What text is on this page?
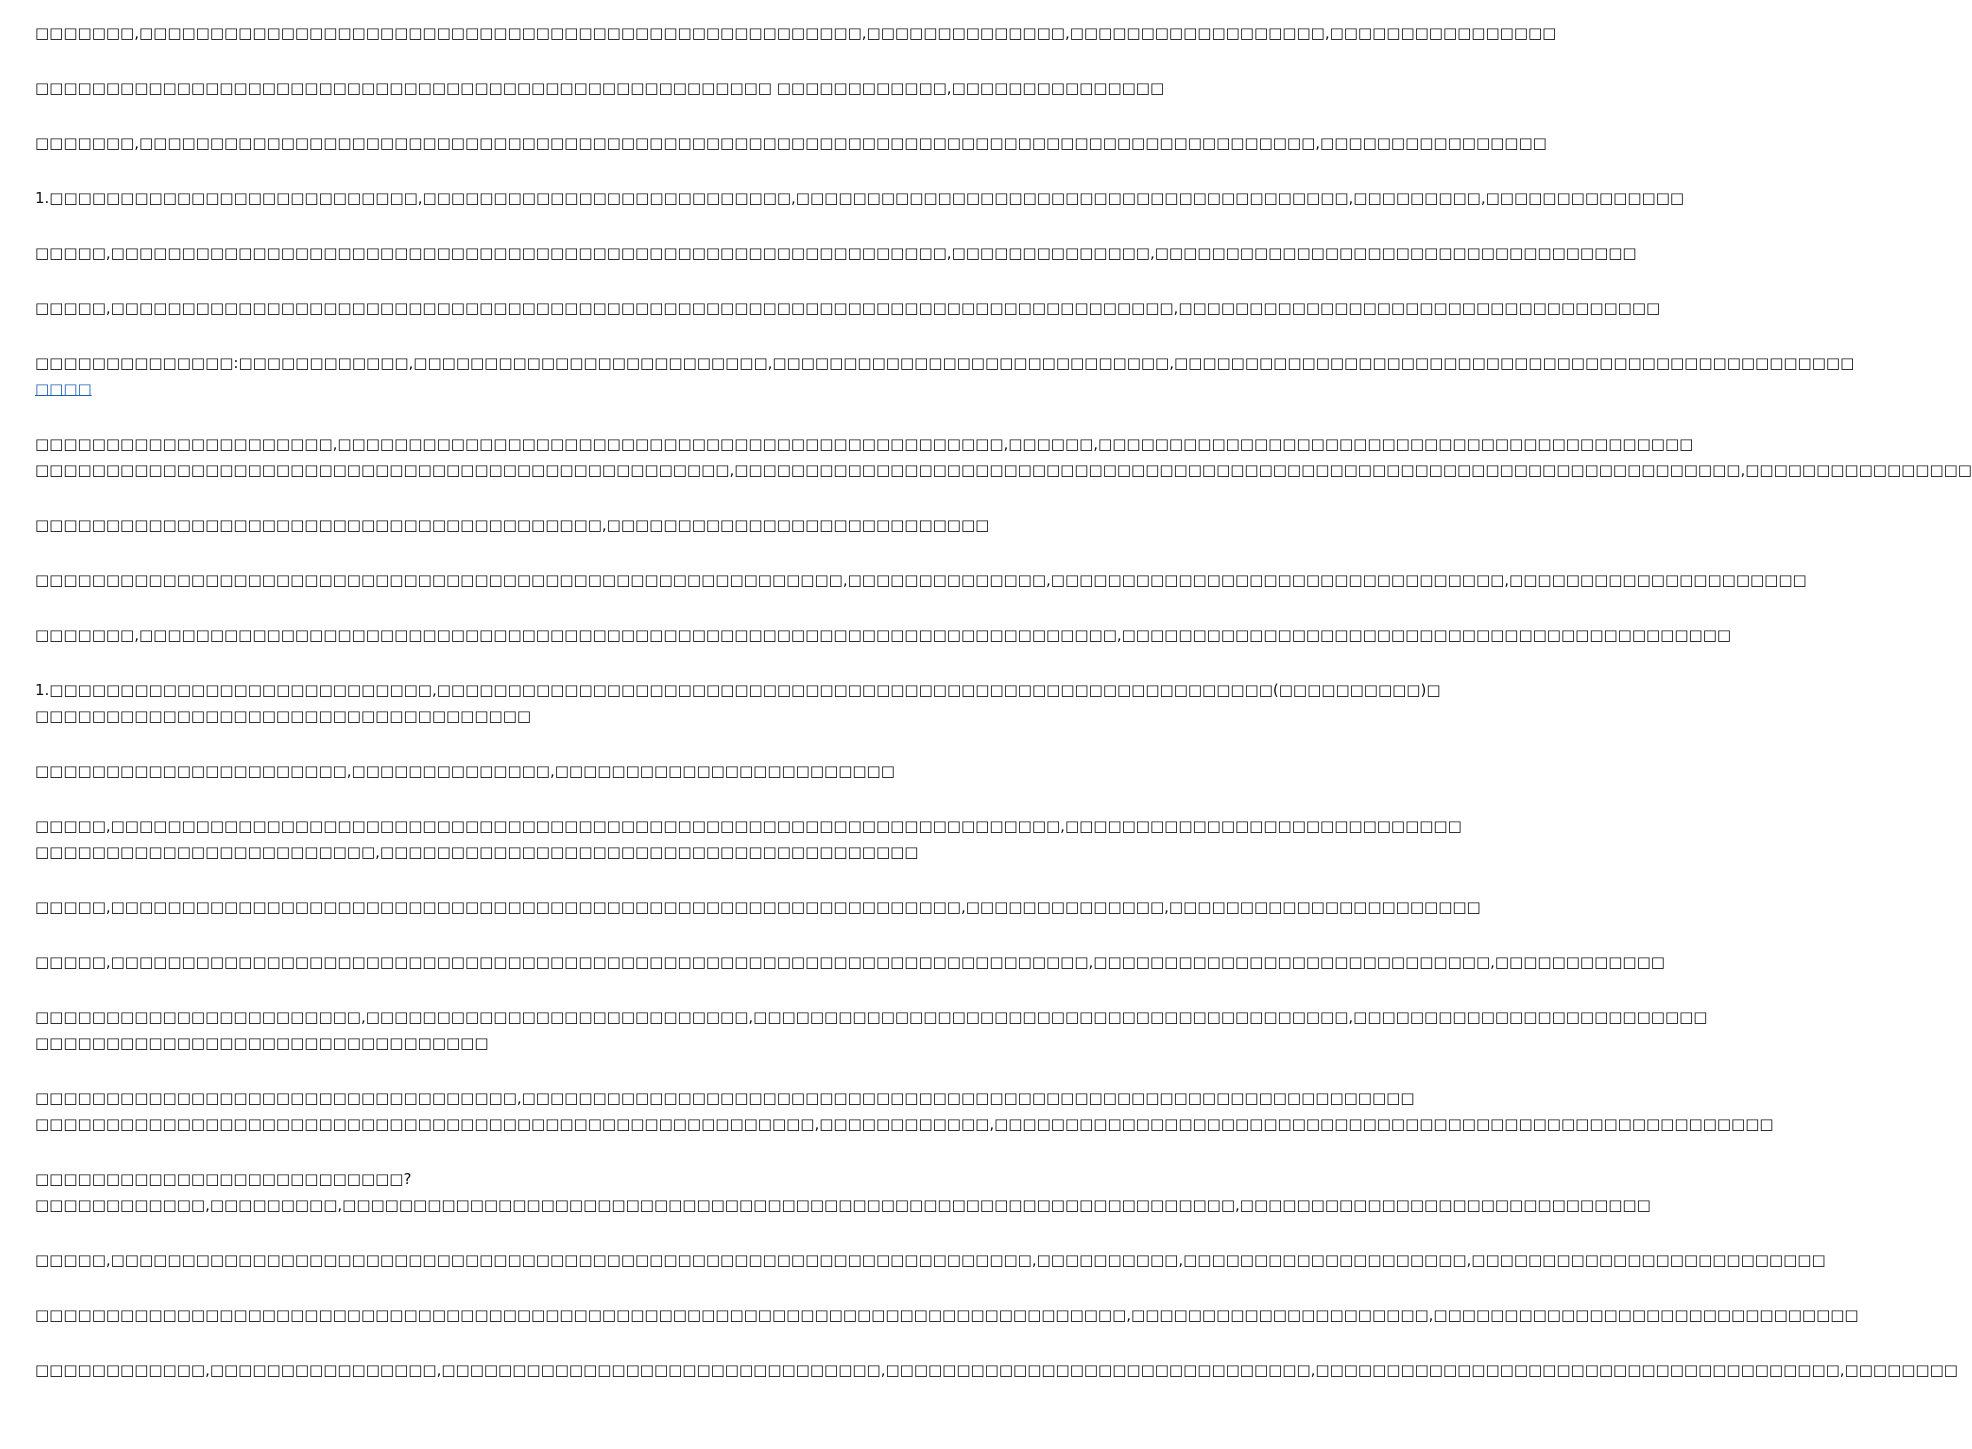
□□□□□□□,□□□□□□□□□□□□□□□□□□□□□□□□□□□□□□□□□□□□□□□□□□□□□□□□□□□,□□□□□□□□□□□□□□,□□□□□□□□□□□□□□□□□□,□□□□□□□□□□□□□□□□
□□□□□□□□□□□□□□□□□□□□□□□□□□□□□□□□□□□□□□□□□□□□□□□□□□□□ □□□□□□□□□□□□,□□□□□□□□□□□□□□□
□□□□□□□,□□□□□□□□□□□□□□□□□□□□□□□□□□□□□□□□□□□□□□□□□□□□□□□□□□□□□□□□□□□□□□□□□□□□□□□□□□□□□□□□□□□,□□□□□□□□□□□□□□□□
1.□□□□□□□□□□□□□□□□□□□□□□□□□□,□□□□□□□□□□□□□□□□□□□□□□□□□□,□□□□□□□□□□□□□□□□□□□□□□□□□□□□□□□□□□□□□□□,□□□□□□□□□,□□□□□□□□□□□□□□
□□□□□,□□□□□□□□□□□□□□□□□□□□□□□□□□□□□□□□□□□□□□□□□□□□□□□□□□□□□□□□□□□,□□□□□□□□□□□□□□,□□□□□□□□□□□□□□□□□□□□□□□□□□□□□□□□□□
□□□□□,□□□□□□□□□□□□□□□□□□□□□□□□□□□□□□□□□□□□□□□□□□□□□□□□□□□□□□□□□□□□□□□□□□□□□□□□□□□,□□□□□□□□□□□□□□□□□□□□□□□□□□□□□□□□□□
□□□□□□□□□□□□□□:□□□□□□□□□□□□,□□□□□□□□□□□□□□□□□□□□□□□□□,□□□□□□□□□□□□□□□□□□□□□□□□□□□□,□□□□□□□□□□□□□□□□□□□□□□□□□□□□□□□□□□□□□□□□□□□□□□□□
□□□□
□□□□□□□□□□□□□□□□□□□□□,□□□□□□□□□□□□□□□□□□□□□□□□□□□□□□□□□□□□□□□□□□□□□□□,□□□□□□,□□□□□□□□□□□□□□□□□□□□□□□□□□□□□□□□□□□□□□□□□□
□□□□□□□□□□□□□□□□□□□□□□□□□□□□□□□□□□□□□□□□□□□□□□□□□,□□□□□□□□□□□□□□□□□□□□□□□□□□□□□□□□□□□□□□□□□□□□□□□□□□□□□□□□□□□□□□□□□□□□□□□,□□□□□□□□□□□□□□□□
□□□□□□□□□□□□□□□□□□□□□□□□□□□□□□□□□□□□□□□□,□□□□□□□□□□□□□□□□□□□□□□□□□□□
□□□□□□□□□□□□□□□□□□□□□□□□□□□□□□□□□□□□□□□□□□□□□□□□□□□□□□□□□,□□□□□□□□□□□□□□,□□□□□□□□□□□□□□□□□□□□□□□□□□□□□□□□,□□□□□□□□□□□□□□□□□□□□□
□□□□□□□,□□□□□□□□□□□□□□□□□□□□□□□□□□□□□□□□□□□□□□□□□□□□□□□□□□□□□□□□□□□□□□□□□□□□□,□□□□□□□□□□□□□□□□□□□□□□□□□□□□□□□□□□□□□□□□□□□
1.□□□□□□□□□□□□□□□□□□□□□□□□□□□,□□□□□□□□□□□□□□□□□□□□□□□□□□□□□□□□□□□□□□□□□□□□□□□□□□□□□□□□□□□(□□□□□□□□□□)□
□□□□□□□□□□□□□□□□□□□□□□□□□□□□□□□□□□□
□□□□□□□□□□□□□□□□□□□□□□,□□□□□□□□□□□□□□,□□□□□□□□□□□□□□□□□□□□□□□□
□□□□□,□□□□□□□□□□□□□□□□□□□□□□□□□□□□□□□□□□□□□□□□□□□□□□□□□□□□□□□□□□□□□□□□□□□,□□□□□□□□□□□□□□□□□□□□□□□□□□□□
□□□□□□□□□□□□□□□□□□□□□□□□,□□□□□□□□□□□□□□□□□□□□□□□□□□□□□□□□□□□□□□
□□□□□,□□□□□□□□□□□□□□□□□□□□□□□□□□□□□□□□□□□□□□□□□□□□□□□□□□□□□□□□□□□□,□□□□□□□□□□□□□□,□□□□□□□□□□□□□□□□□□□□□□
□□□□□,□□□□□□□□□□□□□□□□□□□□□□□□□□□□□□□□□□□□□□□□□□□□□□□□□□□□□□□□□□□□□□□□□□□□□,□□□□□□□□□□□□□□□□□□□□□□□□□□□□,□□□□□□□□□□□□
□□□□□□□□□□□□□□□□□□□□□□□,□□□□□□□□□□□□□□□□□□□□□□□□□□□,□□□□□□□□□□□□□□□□□□□□□□□□□□□□□□□□□□□□□□□□□□,□□□□□□□□□□□□□□□□□□□□□□□□□
□□□□□□□□□□□□□□□□□□□□□□□□□□□□□□□□
□□□□□□□□□□□□□□□□□□□□□□□□□□□□□□□□□□,□□□□□□□□□□□□□□□□□□□□□□□□□□□□□□□□□□□□□□□□□□□□□□□□□□□□□□□□□□□□□□□
□□□□□□□□□□□□□□□□□□□□□□□□□□□□□□□□□□□□□□□□□□□□□□□□□□□□□□□,□□□□□□□□□□□□,□□□□□□□□□□□□□□□□□□□□□□□□□□□□□□□□□□□□□□□□□□□□□□□□□□□□□□□
□□□□□□□□□□□□□□□□□□□□□□□□□□?
□□□□□□□□□□□□,□□□□□□□□□,□□□□□□□□□□□□□□□□□□□□□□□□□□□□□□□□□□□□□□□□□□□□□□□□□□□□□□□□□□□□□□□,□□□□□□□□□□□□□□□□□□□□□□□□□□□□□
□□□□□,□□□□□□□□□□□□□□□□□□□□□□□□□□□□□□□□□□□□□□□□□□□□□□□□□□□□□□□□□□□□□□□□□,□□□□□□□□□□,□□□□□□□□□□□□□□□□□□□□,□□□□□□□□□□□□□□□□□□□□□□□□□
□□□□□□□□□□□□□□□□□□□□□□□□□□□□□□□□□□□□□□□□□□□□□□□□□□□□□□□□□□□□□□□□□□□□□□□□□□□□□,□□□□□□□□□□□□□□□□□□□□□,□□□□□□□□□□□□□□□□□□□□□□□□□□□□□□
□□□□□□□□□□□□,□□□□□□□□□□□□□□□□,□□□□□□□□□□□□□□□□□□□□□□□□□□□□□□□,□□□□□□□□□□□□□□□□□□□□□□□□□□□□□□,□□□□□□□□□□□□□□□□□□□□□□□□□□□□□□□□□□□□□,□□□□□□□□
